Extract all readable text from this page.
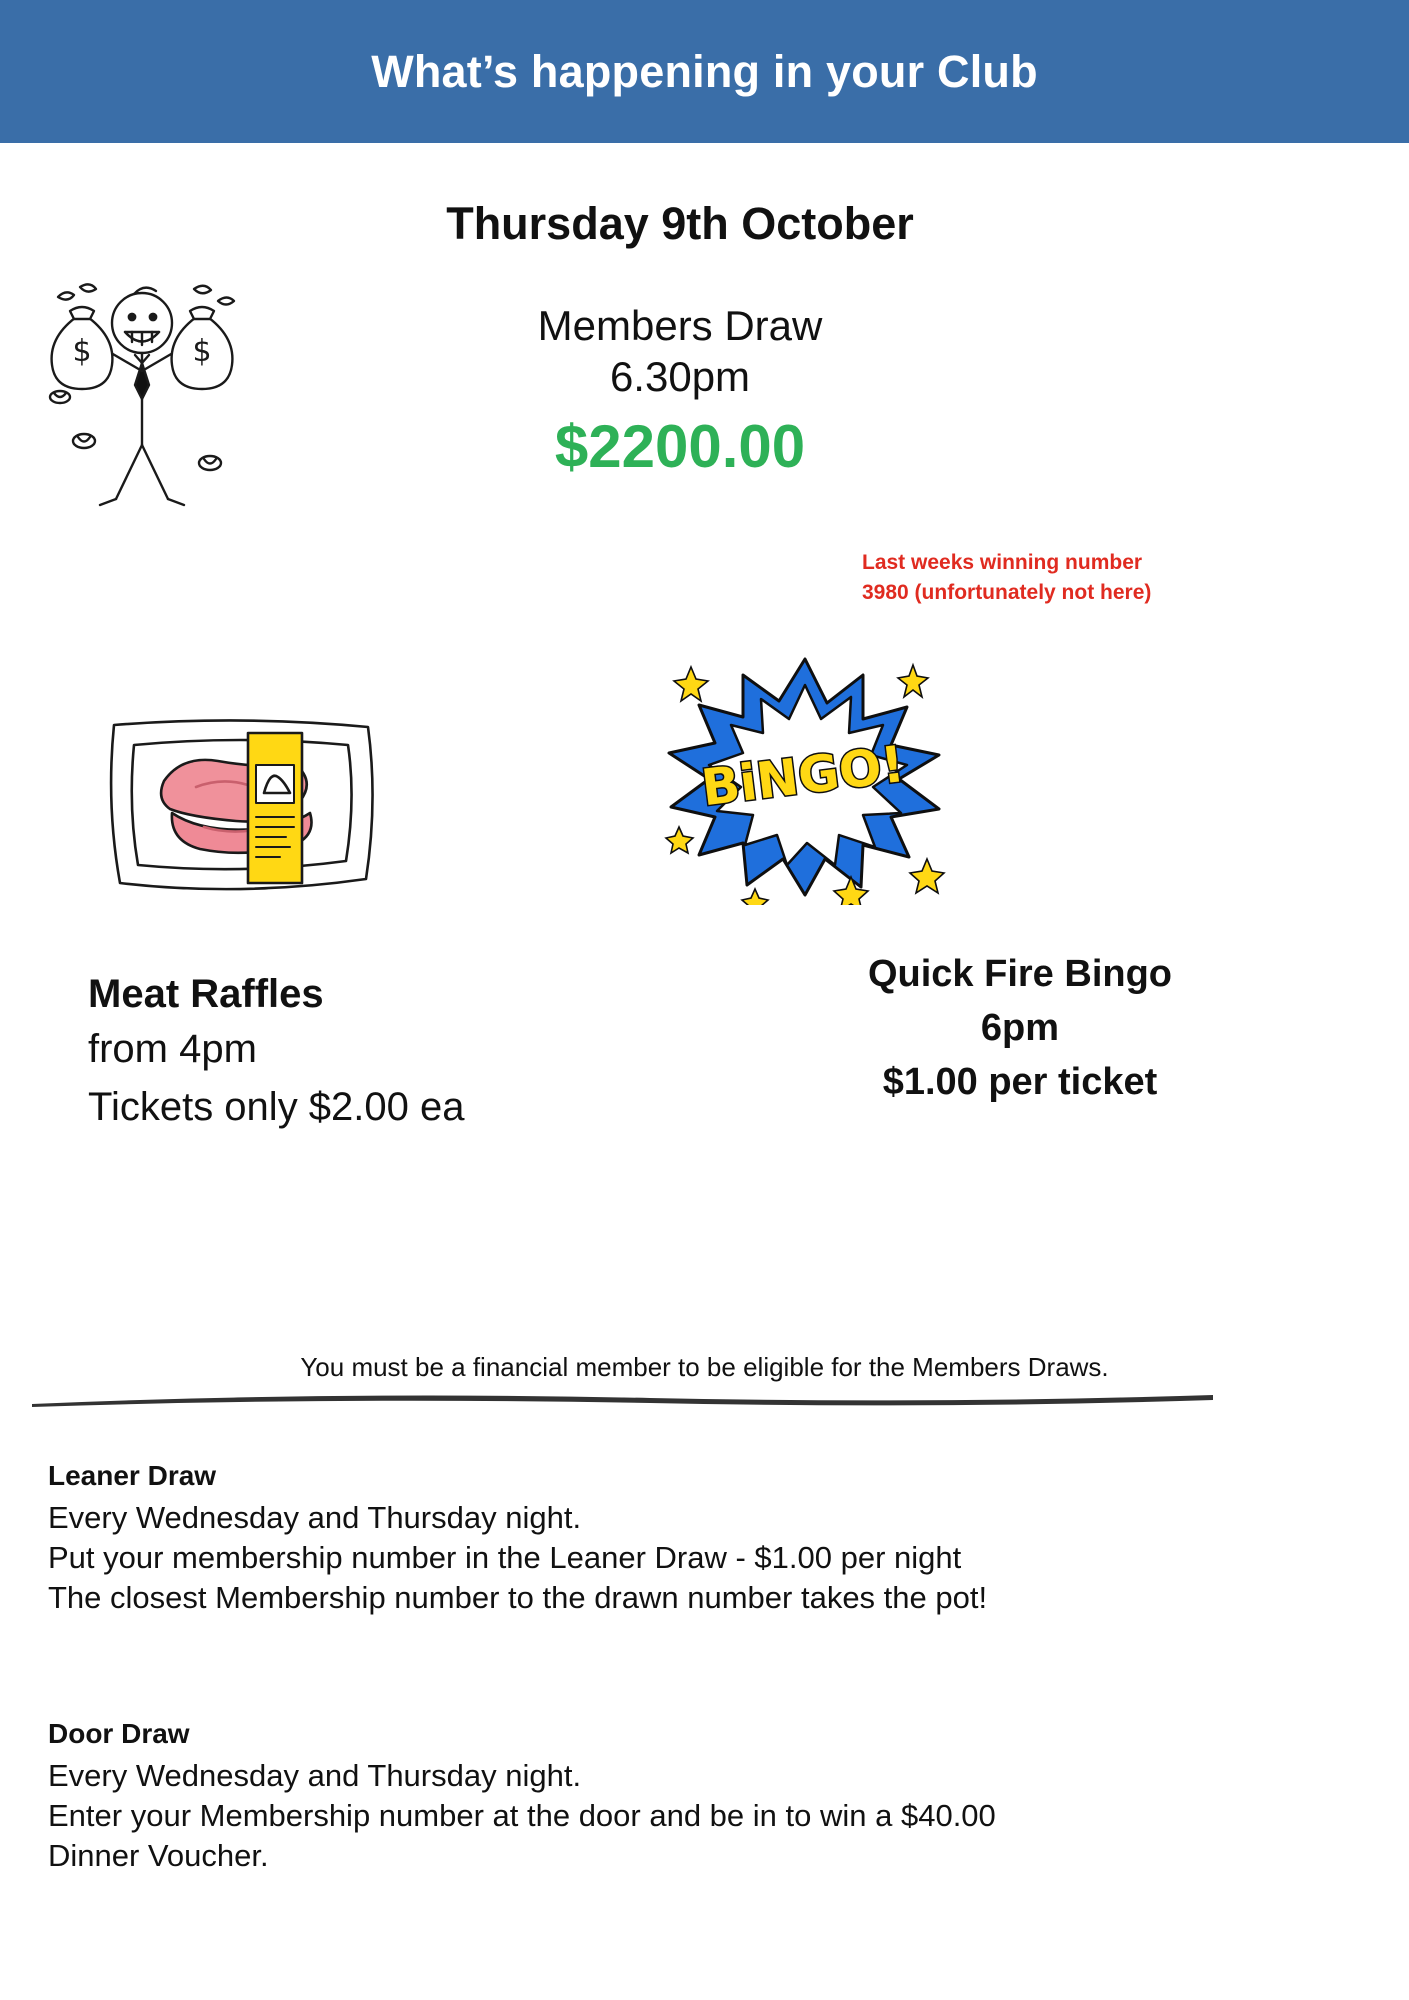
What’s happening in your Club
Thursday 9th October
$	$
Members Draw
6.30pm
$2200.00
Last weeks winning number
3980 (unfortunately not here)
BiNGO!
Meat Raffles
from 4pm
Tickets only $2.00 ea
Quick Fire Bingo
6pm
$1.00 per ticket
You must be a financial member to be eligible for the Members Draws.
Leaner Draw
Every Wednesday and Thursday night.
Put your membership number in the Leaner Draw - $1.00 per night
The closest Membership number to the drawn number takes the pot!
Door Draw
Every Wednesday and Thursday night.
Enter your Membership number at the door and be in to win a $40.00
Dinner Voucher.
